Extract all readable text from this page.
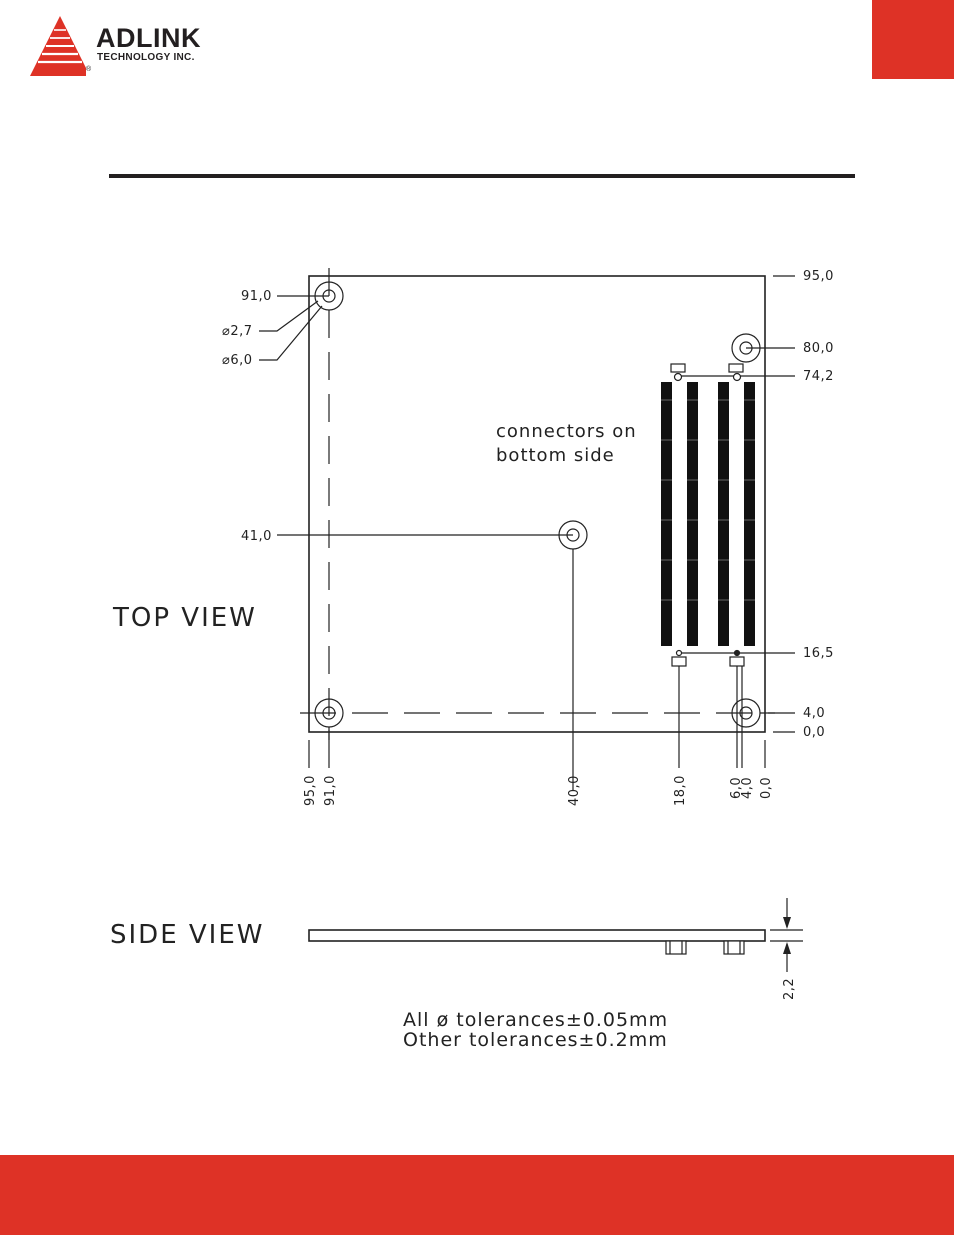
ADLINK
TECHNOLOGY INC.
®
91,0
⌀2,7
⌀6,0
41,0
95,0
80,0
74,2
16,5
4,0
0,0
95,0 91,0	40,0	18,0	6,0
4,0 0,0
connectors on
bottom side
TOP VIEW
SIDE VIEW
2,2
All ø tolerances±0.05mm
Other tolerances±0.2mm
